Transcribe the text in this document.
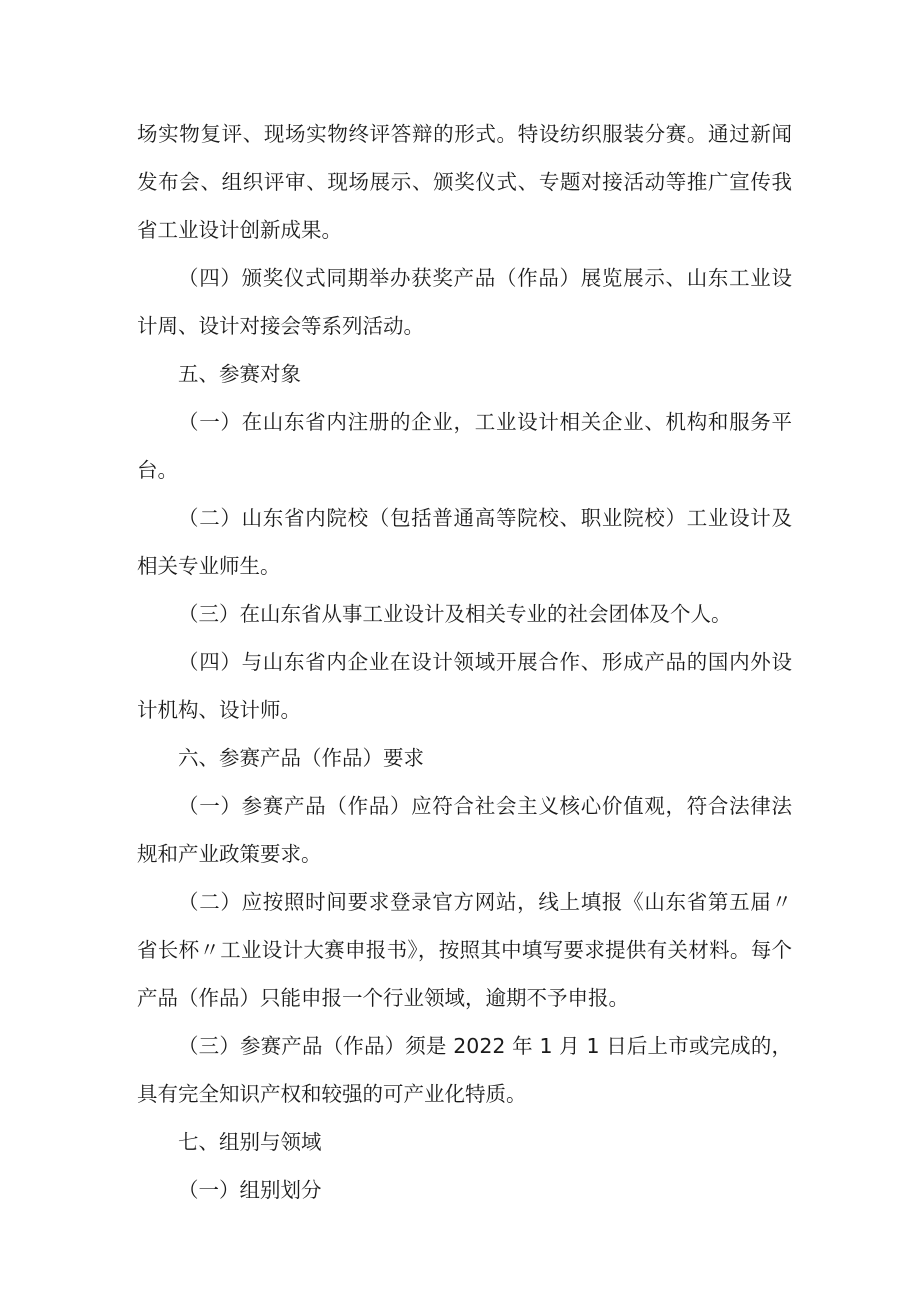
场实物复评、现场实物终评答辩的形式。特设纺织服装分赛。通过新闻发布会、组织评审、现场展示、颁奖仪式、专题对接活动等推广宣传我省工业设计创新成果。

（四）颁奖仪式同期举办获奖产品（作品）展览展示、山东工业设计周、设计对接会等系列活动。

五、参赛对象

（一）在山东省内注册的企业，工业设计相关企业、机构和服务平台。

（二）山东省内院校（包括普通高等院校、职业院校）工业设计及相关专业师生。

（三）在山东省从事工业设计及相关专业的社会团体及个人。

（四）与山东省内企业在设计领域开展合作、形成产品的国内外设计机构、设计师。

六、参赛产品（作品）要求

（一）参赛产品（作品）应符合社会主义核心价值观，符合法律法规和产业政策要求。

（二）应按照时间要求登录官方网站，线上填报《山东省第五届〃省长杯〃工业设计大赛申报书》，按照其中填写要求提供有关材料。每个产品（作品）只能申报一个行业领域，逾期不予申报。

（三）参赛产品（作品）须是 2022 年 1 月 1 日后上市或完成的，具有完全知识产权和较强的可产业化特质。

七、组别与领域

（一）组别划分
